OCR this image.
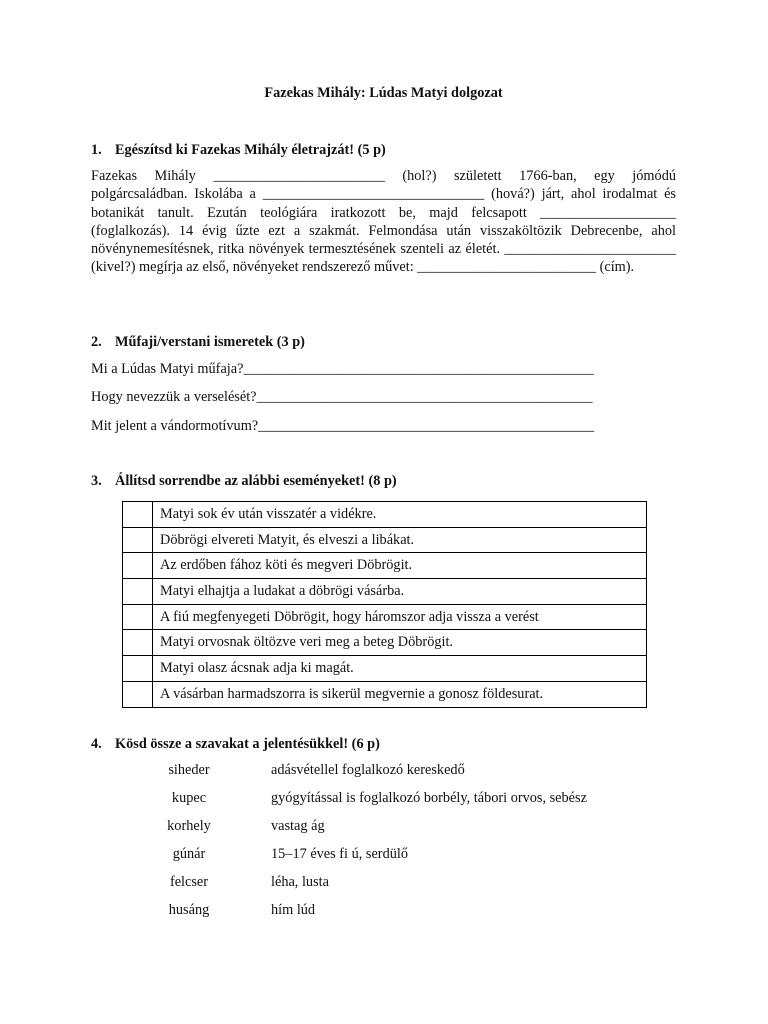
Fazekas Mihály: Lúdas Matyi dolgozat
1. Egészítsd ki Fazekas Mihály életrajzát! (5 p)

Fazekas Mihály ________________________ (hol?) született 1766-ban, egy jómódú polgárcsaládban. Iskolába a _______________________________ (hová?) járt, ahol irodalmat és botanikát tanult. Ezután teológiára iratkozott be, majd felcsapott ___________________ (foglalkozás). 14 évig űzte ezt a szakmát. Felmondása után visszaköltözik Debrecenbe, ahol növénynemesítésnek, ritka növények termesztésének szenteli az életét. ________________________ (kivel?) megírja az első, növényeket rendszerező művet: _________________________ (cím).

2. Műfaji/verstani ismeretek (3 p)
Mi a Lúdas Matyi műfaja?_________________________________________________
Hogy nevezzük a verselését?_______________________________________________
Mit jelent a vándormotívum?_______________________________________________
3. Állítsd sorrendbe az alábbi eseményeket! (8 p)
	Matyi sok év után visszatér a vidékre.
	Döbrögi elvereti Matyit, és elveszi a libákat.
	Az erdőben fához köti és megveri Döbrögit.
	Matyi elhajtja a ludakat a döbrögi vásárba.
	A fiú megfenyegeti Döbrögit, hogy háromszor adja vissza a verést
	Matyi orvosnak öltözve veri meg a beteg Döbrögit.
	Matyi olasz ácsnak adja ki magát.
	A vásárban harmadszorra is sikerül megvernie a gonosz földesurat.
4. Kösd össze a szavakat a jelentésükkel! (6 p)
siheder	adásvétellel foglalkozó kereskedő
kupec	gyógyítással is foglalkozó borbély, tábori orvos, sebész
korhely	vastag ág
gúnár	15–17 éves fi ú, serdülő
felcser	léha, lusta
husáng	hím lúd
